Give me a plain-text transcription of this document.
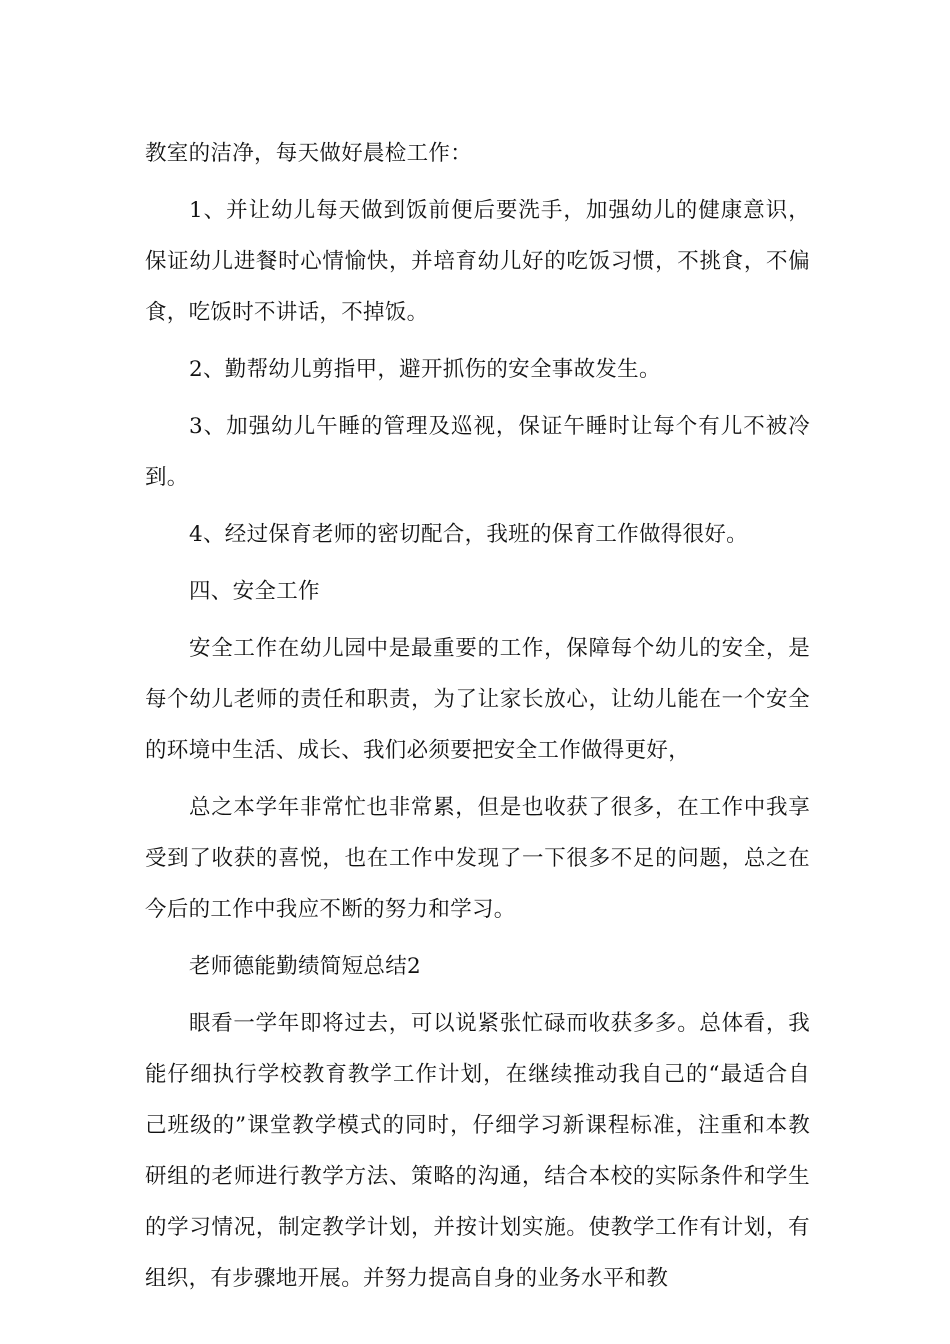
教室的洁净，每天做好晨检工作：

1、并让幼儿每天做到饭前便后要洗手，加强幼儿的健康意识，保证幼儿进餐时心情愉快，并培育幼儿好的吃饭习惯，不挑食，不偏食，吃饭时不讲话，不掉饭。

2、勤帮幼儿剪指甲，避开抓伤的安全事故发生。

3、加强幼儿午睡的管理及巡视，保证午睡时让每个有儿不被冷到。

4、经过保育老师的密切配合，我班的保育工作做得很好。

四、安全工作

安全工作在幼儿园中是最重要的工作，保障每个幼儿的安全，是每个幼儿老师的责任和职责，为了让家长放心，让幼儿能在一个安全的环境中生活、成长、我们必须要把安全工作做得更好，

总之本学年非常忙也非常累，但是也收获了很多，在工作中我享受到了收获的喜悦，也在工作中发现了一下很多不足的问题，总之在今后的工作中我应不断的努力和学习。

老师德能勤绩简短总结2

眼看一学年即将过去，可以说紧张忙碌而收获多多。总体看，我能仔细执行学校教育教学工作计划，在继续推动我自己的“最适合自己班级的”课堂教学模式的同时，仔细学习新课程标准，注重和本教研组的老师进行教学方法、策略的沟通，结合本校的实际条件和学生的学习情况，制定教学计划，并按计划实施。使教学工作有计划，有组织，有步骤地开展。并努力提高自身的业务水平和教
